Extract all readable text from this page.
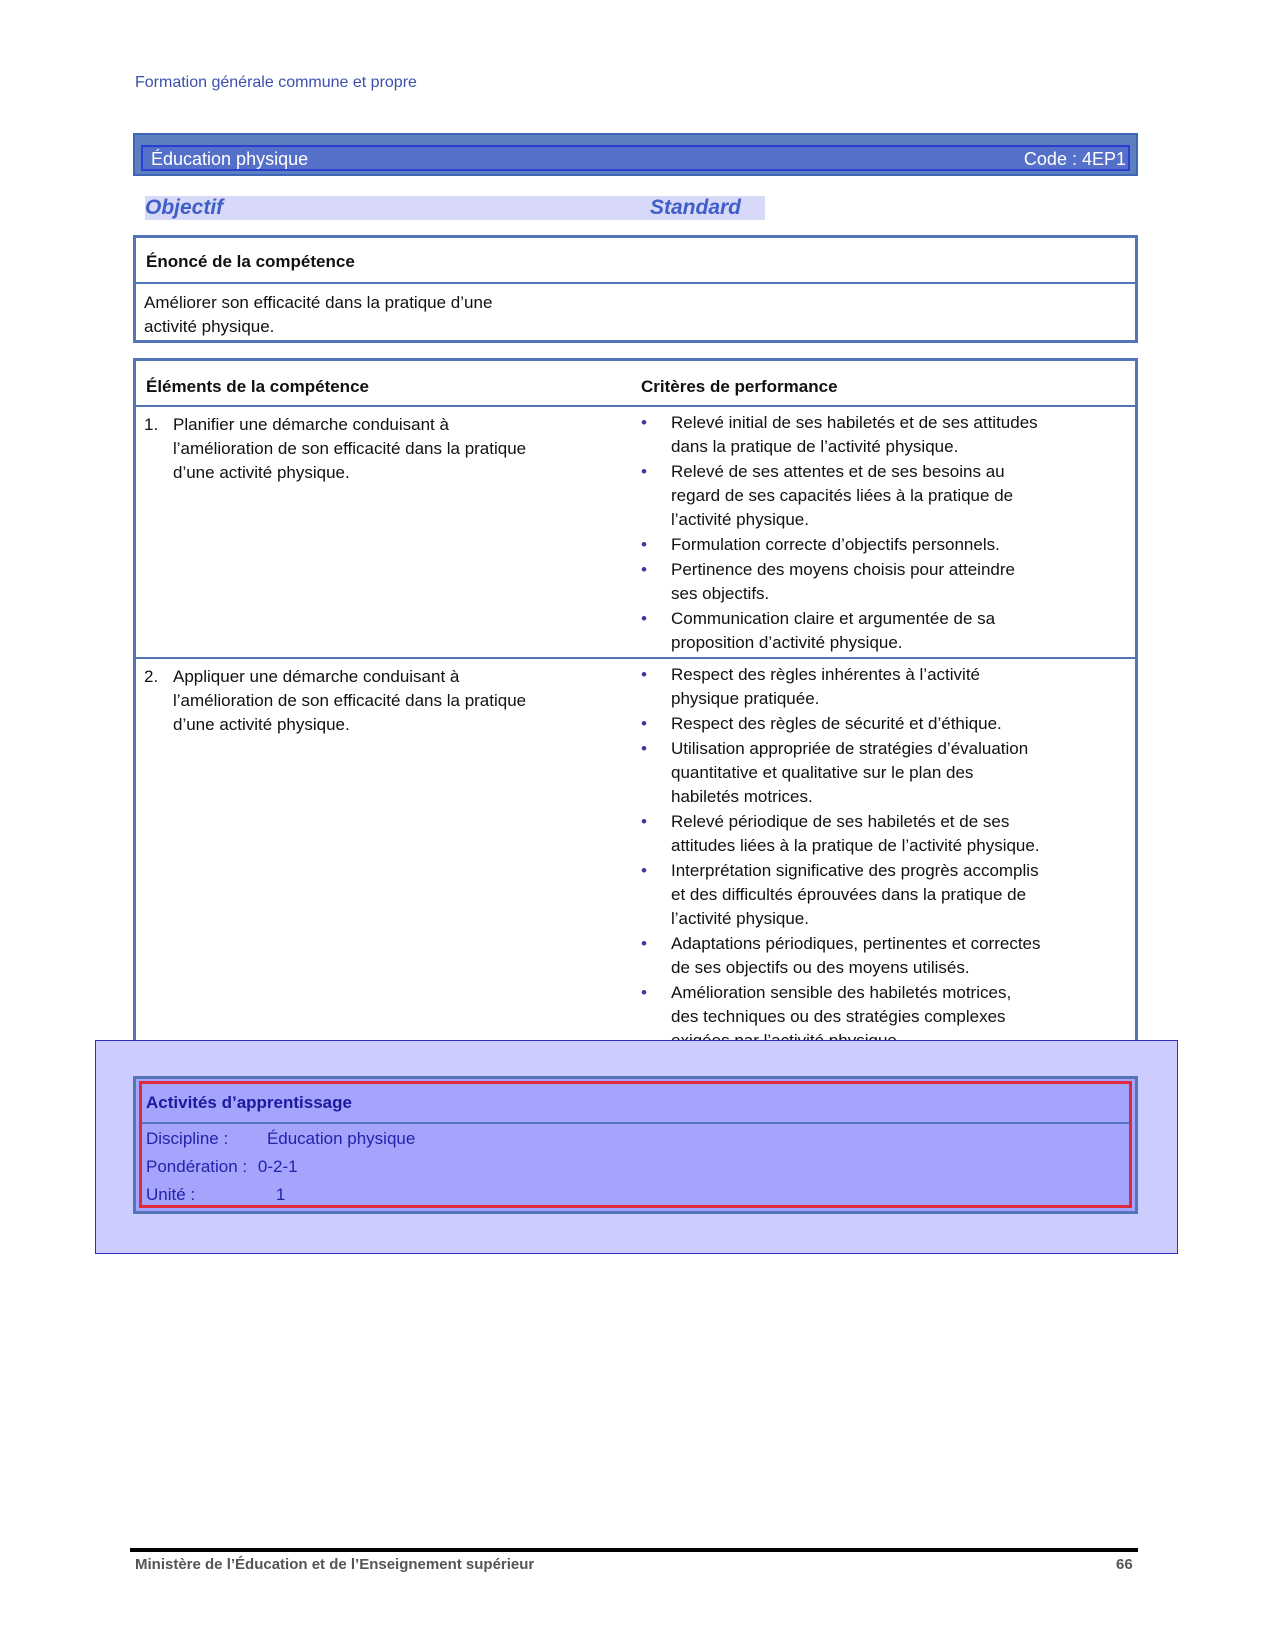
Formation générale commune et propre
Éducation physique	Code : 4EP1
Objectif	Standard
Énoncé de la compétence
Améliorer son efficacité dans la pratique d’une
activité physique.
Éléments de la compétence	Critères de performance
1. Planifier une démarche conduisant à
l’amélioration de son efficacité dans la pratique
d’une activité physique.
• Relevé initial de ses habiletés et de ses attitudes
dans la pratique de l’activité physique.
• Relevé de ses attentes et de ses besoins au
regard de ses capacités liées à la pratique de
l’activité physique.
• Formulation correcte d’objectifs personnels.
• Pertinence des moyens choisis pour atteindre
ses objectifs.
• Communication claire et argumentée de sa
proposition d’activité physique.
2. Appliquer une démarche conduisant à
l’amélioration de son efficacité dans la pratique
d’une activité physique.
• Respect des règles inhérentes à l’activité
physique pratiquée.
• Respect des règles de sécurité et d’éthique.
• Utilisation appropriée de stratégies d’évaluation
quantitative et qualitative sur le plan des
habiletés motrices.
• Relevé périodique de ses habiletés et de ses
attitudes liées à la pratique de l’activité physique.
• Interprétation significative des progrès accomplis
et des difficultés éprouvées dans la pratique de
l’activité physique.
• Adaptations périodiques, pertinentes et correctes
de ses objectifs ou des moyens utilisés.
• Amélioration sensible des habiletés motrices,
des techniques ou des stratégies complexes
Activités d’apprentissage
Discipline : Éducation physique
Pondération : 0-2-1
Unité :	1
Ministère de l’Éducation et de l’Enseignement supérieur	66
